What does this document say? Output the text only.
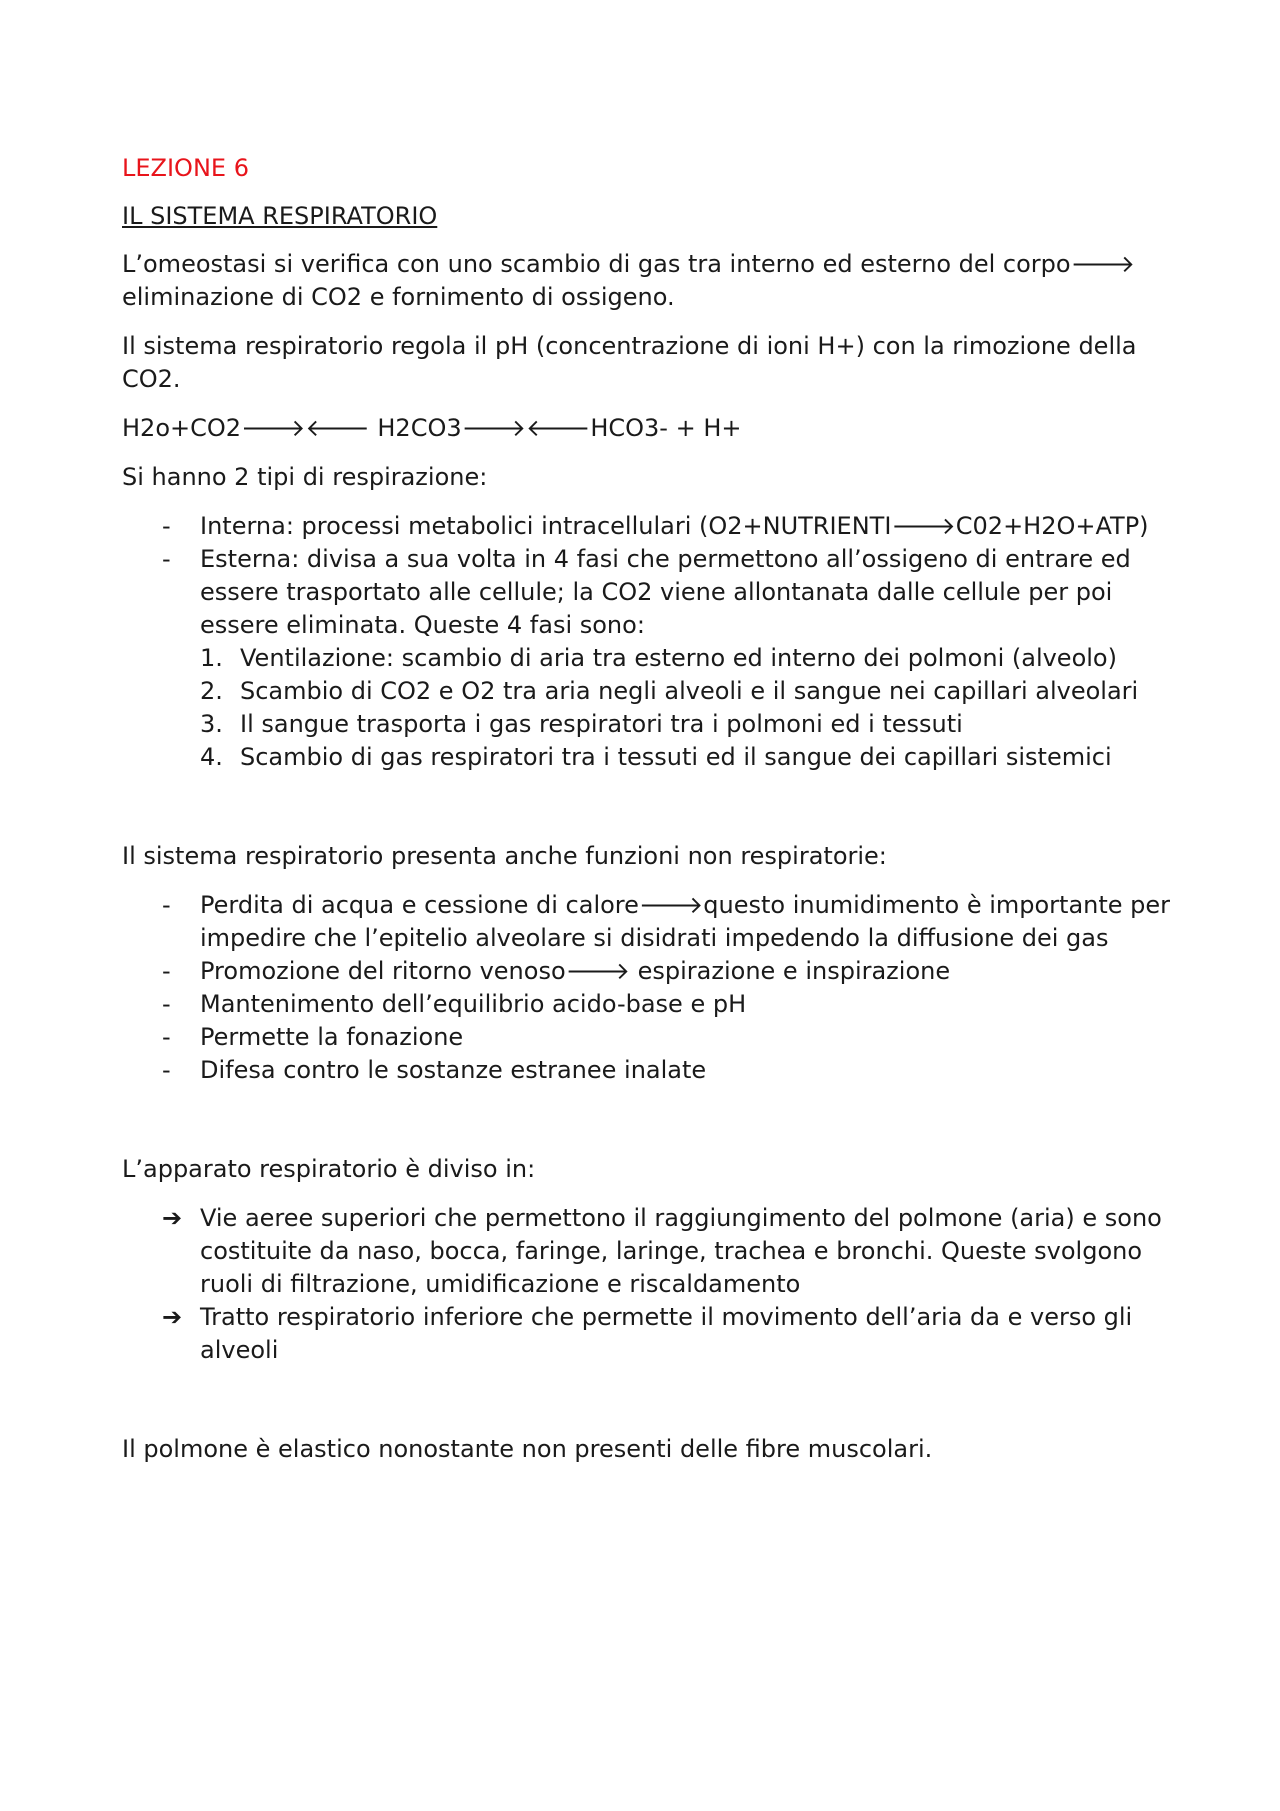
LEZIONE 6
IL SISTEMA RESPIRATORIO

L’omeostasi si verifica con uno scambio di gas tra interno ed esterno del corpo🡒 eliminazione di CO2 e fornimento di ossigeno.

Il sistema respiratorio regola il pH (concentrazione di ioni H+) con la rimozione della CO2.

H2o+CO2🡒🡐 H2CO3🡒🡐HCO3- + H+

Si hanno 2 tipi di respirazione:

- Interna: processi metabolici intracellulari (O2+NUTRIENTI🡒C02+H2O+ATP)
- Esterna: divisa a sua volta in 4 fasi che permettono all’ossigeno di entrare ed essere trasportato alle cellule; la CO2 viene allontanata dalle cellule per poi essere eliminata. Queste 4 fasi sono:
1. Ventilazione: scambio di aria tra esterno ed interno dei polmoni (alveolo)
2. Scambio di CO2 e O2 tra aria negli alveoli e il sangue nei capillari alveolari
3. Il sangue trasporta i gas respiratori tra i polmoni ed i tessuti
4. Scambio di gas respiratori tra i tessuti ed il sangue dei capillari sistemici

Il sistema respiratorio presenta anche funzioni non respiratorie:

- Perdita di acqua e cessione di calore🡒questo inumidimento è importante per impedire che l’epitelio alveolare si disidrati impedendo la diffusione dei gas
- Promozione del ritorno venoso🡒 espirazione e inspirazione
- Mantenimento dell’equilibrio acido-base e pH
- Permette la fonazione
- Difesa contro le sostanze estranee inalate

L’apparato respiratorio è diviso in:

➔ Vie aeree superiori che permettono il raggiungimento del polmone (aria) e sono costituite da naso, bocca, faringe, laringe, trachea e bronchi. Queste svolgono ruoli di filtrazione, umidificazione e riscaldamento
➔ Tratto respiratorio inferiore che permette il movimento dell’aria da e verso gli alveoli

Il polmone è elastico nonostante non presenti delle fibre muscolari.
